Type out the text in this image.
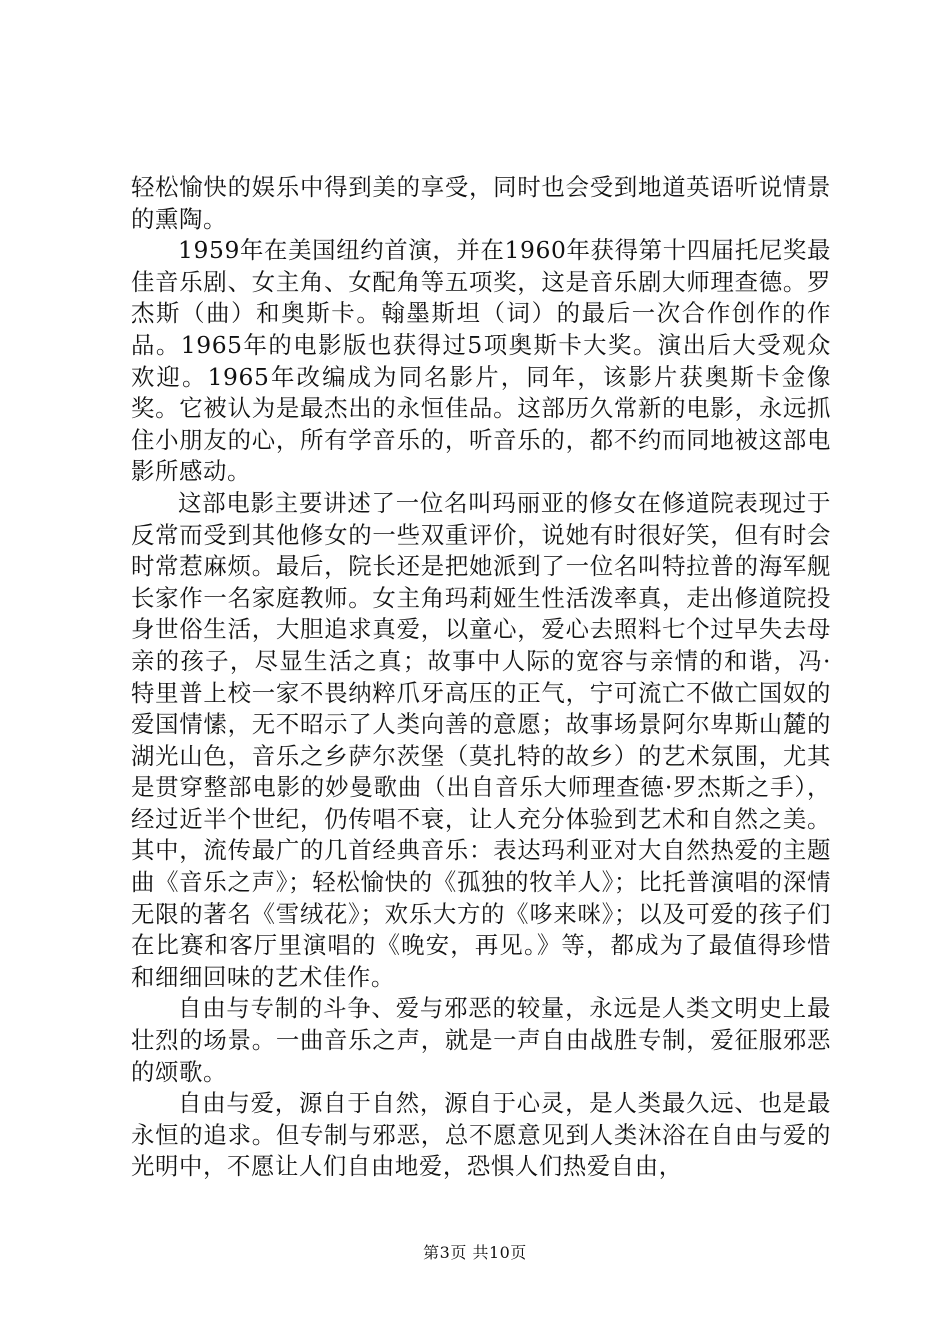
轻松愉快的娱乐中得到美的享受，同时也会受到地道英语听说情景的熏陶。

1959年在美国纽约首演，并在1960年获得第十四届托尼奖最佳音乐剧、女主角、女配角等五项奖，这是音乐剧大师理查德。罗杰斯（曲）和奥斯卡。翰墨斯坦（词）的最后一次合作创作的作品。1965年的电影版也获得过5项奥斯卡大奖。演出后大受观众欢迎。1965年改编成为同名影片，同年，该影片获奥斯卡金像奖。它被认为是最杰出的永恒佳品。这部历久常新的电影，永远抓住小朋友的心，所有学音乐的，听音乐的，都不约而同地被这部电影所感动。

这部电影主要讲述了一位名叫玛丽亚的修女在修道院表现过于反常而受到其他修女的一些双重评价，说她有时很好笑，但有时会时常惹麻烦。最后，院长还是把她派到了一位名叫特拉普的海军舰长家作一名家庭教师。女主角玛莉娅生性活泼率真，走出修道院投身世俗生活，大胆追求真爱，以童心，爱心去照料七个过早失去母亲的孩子，尽显生活之真；故事中人际的宽容与亲情的和谐，冯·特里普上校一家不畏纳粹爪牙高压的正气，宁可流亡不做亡国奴的爱国情愫，无不昭示了人类向善的意愿；故事场景阿尔卑斯山麓的湖光山色，音乐之乡萨尔茨堡（莫扎特的故乡）的艺术氛围，尤其是贯穿整部电影的妙曼歌曲（出自音乐大师理查德·罗杰斯之手），经过近半个世纪，仍传唱不衰，让人充分体验到艺术和自然之美。其中，流传最广的几首经典音乐：表达玛利亚对大自然热爱的主题曲《音乐之声》；轻松愉快的《孤独的牧羊人》；比托普演唱的深情无限的著名《雪绒花》；欢乐大方的《哆来咪》；以及可爱的孩子们在比赛和客厅里演唱的《晚安，再见。》等，都成为了最值得珍惜和细细回味的艺术佳作。

自由与专制的斗争、爱与邪恶的较量，永远是人类文明史上最壮烈的场景。一曲音乐之声，就是一声自由战胜专制，爱征服邪恶的颂歌。

自由与爱，源自于自然，源自于心灵，是人类最久远、也是最永恒的追求。但专制与邪恶，总不愿意见到人类沐浴在自由与爱的光明中，不愿让人们自由地爱，恐惧人们热爱自由，

第3页 共10页
